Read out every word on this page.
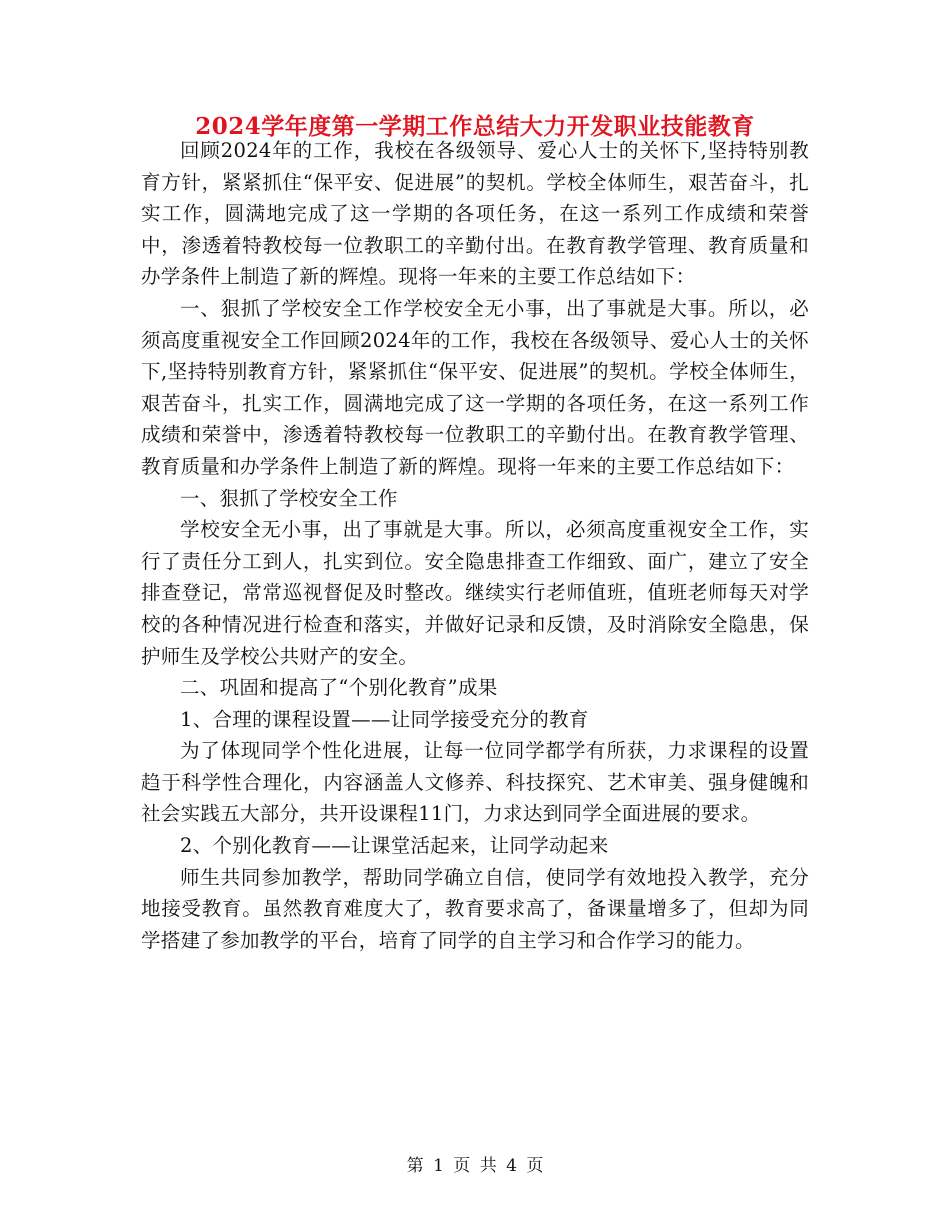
2024学年度第一学期工作总结大力开发职业技能教育

回顾2024年的工作，我校在各级领导、爱心人士的关怀下,坚持特别教育方针，紧紧抓住“保平安、促进展”的契机。学校全体师生，艰苦奋斗，扎实工作，圆满地完成了这一学期的各项任务，在这一系列工作成绩和荣誉中，渗透着特教校每一位教职工的辛勤付出。在教育教学管理、教育质量和办学条件上制造了新的辉煌。现将一年来的主要工作总结如下：

一、狠抓了学校安全工作学校安全无小事，出了事就是大事。所以，必须高度重视安全工作回顾2024年的工作，我校在各级领导、爱心人士的关怀下,坚持特别教育方针，紧紧抓住“保平安、促进展”的契机。学校全体师生，艰苦奋斗，扎实工作，圆满地完成了这一学期的各项任务，在这一系列工作成绩和荣誉中，渗透着特教校每一位教职工的辛勤付出。在教育教学管理、教育质量和办学条件上制造了新的辉煌。现将一年来的主要工作总结如下：

一、狠抓了学校安全工作

学校安全无小事，出了事就是大事。所以，必须高度重视安全工作，实行了责任分工到人，扎实到位。安全隐患排查工作细致、面广，建立了安全排查登记，常常巡视督促及时整改。继续实行老师值班，值班老师每天对学校的各种情况进行检查和落实，并做好记录和反馈，及时消除安全隐患，保护师生及学校公共财产的安全。

二、巩固和提高了“个别化教育”成果

1、合理的课程设置——让同学接受充分的教育

为了体现同学个性化进展，让每一位同学都学有所获，力求课程的设置趋于科学性合理化，内容涵盖人文修养、科技探究、艺术审美、强身健魄和社会实践五大部分，共开设课程11门，力求达到同学全面进展的要求。

2、个别化教育——让课堂活起来，让同学动起来

师生共同参加教学，帮助同学确立自信，使同学有效地投入教学，充分地接受教育。虽然教育难度大了，教育要求高了，备课量增多了，但却为同学搭建了参加教学的平台，培育了同学的自主学习和合作学习的能力。

第 1 页 共 4 页
